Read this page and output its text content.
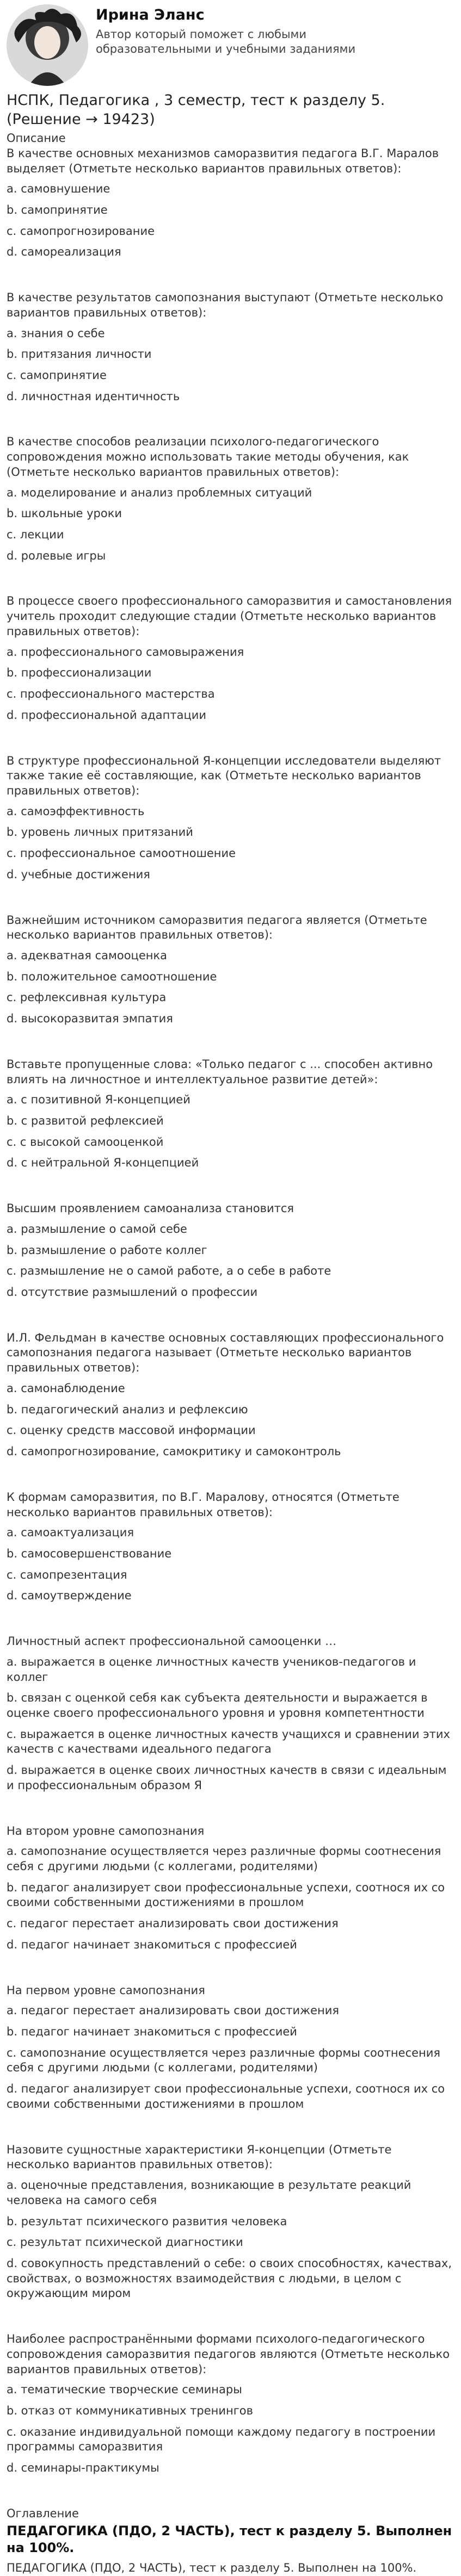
Ирина Эланс
Автор который поможет с любыми образовательными и учебными заданиями
НСПК, Педагогика , 3 семестр, тест к разделу 5. (Решение → 19423)
Описание
В качестве основных механизмов саморазвития педагога В.Г. Маралов выделяет (Отметьте несколько вариантов правильных ответов):
a. самовнушение
b. самопринятие
c. самопрогнозирование
d. самореализация
В качестве результатов самопознания выступают (Отметьте несколько вариантов правильных ответов):
a. знания о себе
b. притязания личности
c. самопринятие
d. личностная идентичность
В качестве способов реализации психолого-педагогического сопровождения можно использовать такие методы обучения, как (Отметьте несколько вариантов правильных ответов):
a. моделирование и анализ проблемных ситуаций
b. школьные уроки
c. лекции
d. ролевые игры
В процессе своего профессионального саморазвития и самостановления учитель проходит следующие стадии (Отметьте несколько вариантов правильных ответов):
a. профессионального самовыражения
b. профессионализации
c. профессионального мастерства
d. профессиональной адаптации
В структуре профессиональной Я-концепции исследователи выделяют также такие её составляющие, как (Отметьте несколько вариантов правильных ответов):
a. самоэффективность
b. уровень личных притязаний
c. профессиональное самоотношение
d. учебные достижения
Важнейшим источником саморазвития педагога является (Отметьте несколько вариантов правильных ответов):
a. адекватная самооценка
b. положительное самоотношение
c. рефлексивная культура
d. высокоразвитая эмпатия
Вставьте пропущенные слова: «Только педагог с ... способен активно влиять на личностное и интеллектуальное развитие детей»:
a. с позитивной Я-концепцией
b. с развитой рефлексией
c. с высокой самооценкой
d. с нейтральной Я-концепцией
Высшим проявлением самоанализа становится
a. размышление о самой себе
b. размышление о работе коллег
c. размышление не о самой работе, а о себе в работе
d. отсутствие размышлений о профессии
И.Л. Фельдман в качестве основных составляющих профессионального самопознания педагога называет (Отметьте несколько вариантов правильных ответов):
a. самонаблюдение
b. педагогический анализ и рефлексию
c. оценку средств массовой информации
d. самопрогнозирование, самокритику и самоконтроль
К формам самоpазвития, по В.Г. Маралову, относятся (Отметьте несколько вариантов правильных ответов):
a. самоактуализация
b. самосовершенствование
c. самопрезентация
d. самоутверждение
Личностный аспект профессиональной самооценки …
a. выражается в оценке личностных качеств учеников-педагогов и коллег
b. связан с оценкой себя как субъекта деятельности и выражается в оценке своего профессионального уровня и уровня компетентности
c. выражается в оценке личностных качеств учащихся и сравнении этих качеств с качествами идеального педагога
d. выражается в оценке своих личностных качеств в связи с идеальным и профессиональным образом Я
На втором уровне самопознания
a. самопознание осуществляется через различные формы соотнесения себя с другими людьми (с коллегами, родителями)
b. педагог анализирует свои профессиональные успехи, соотнося их со своими собственными достижениями в прошлом
c. педагог перестает анализировать свои достижения
d. педагог начинает знакомиться с профессией
На первом уровне самопознания
a. педагог перестает анализировать свои достижения
b. педагог начинает знакомиться с профессией
c. самопознание осуществляется через различные формы соотнесения себя с другими людьми (с коллегами, родителями)
d. педагог анализирует свои профессиональные успехи, соотнося их со своими собственными достижениями в прошлом
Назовите сущностные характеристики Я-концепции (Отметьте несколько вариантов правильных ответов):
a. оценочные представления, возникающие в результате реакций человека на самого себя
b. результат психического развития человека
c. результат психической диагностики
d. совокупность представлений о себе: о своих способностях, качествах, свойствах, о возможностях взаимодействия с людьми, в целом с окружающим миром
Наиболее распространёнными формами психолого-педагогического сопровождения саморазвития педагогов являются (Отметьте несколько вариантов правильных ответов):
a. тематические творческие семинары
b. отказ от коммуникативных тренингов
c. оказание индивидуальной помощи каждому педагогу в построении программы саморазвития
d. семинары-практикумы
Оглавление
ПЕДАГОГИКА (ПДО, 2 ЧАСТЬ), тест к разделу 5. Выполнен на 100%.
ПЕДАГОГИКА (ПДО, 2 ЧАСТЬ), тест к разделу 5. Выполнен на 100%.
